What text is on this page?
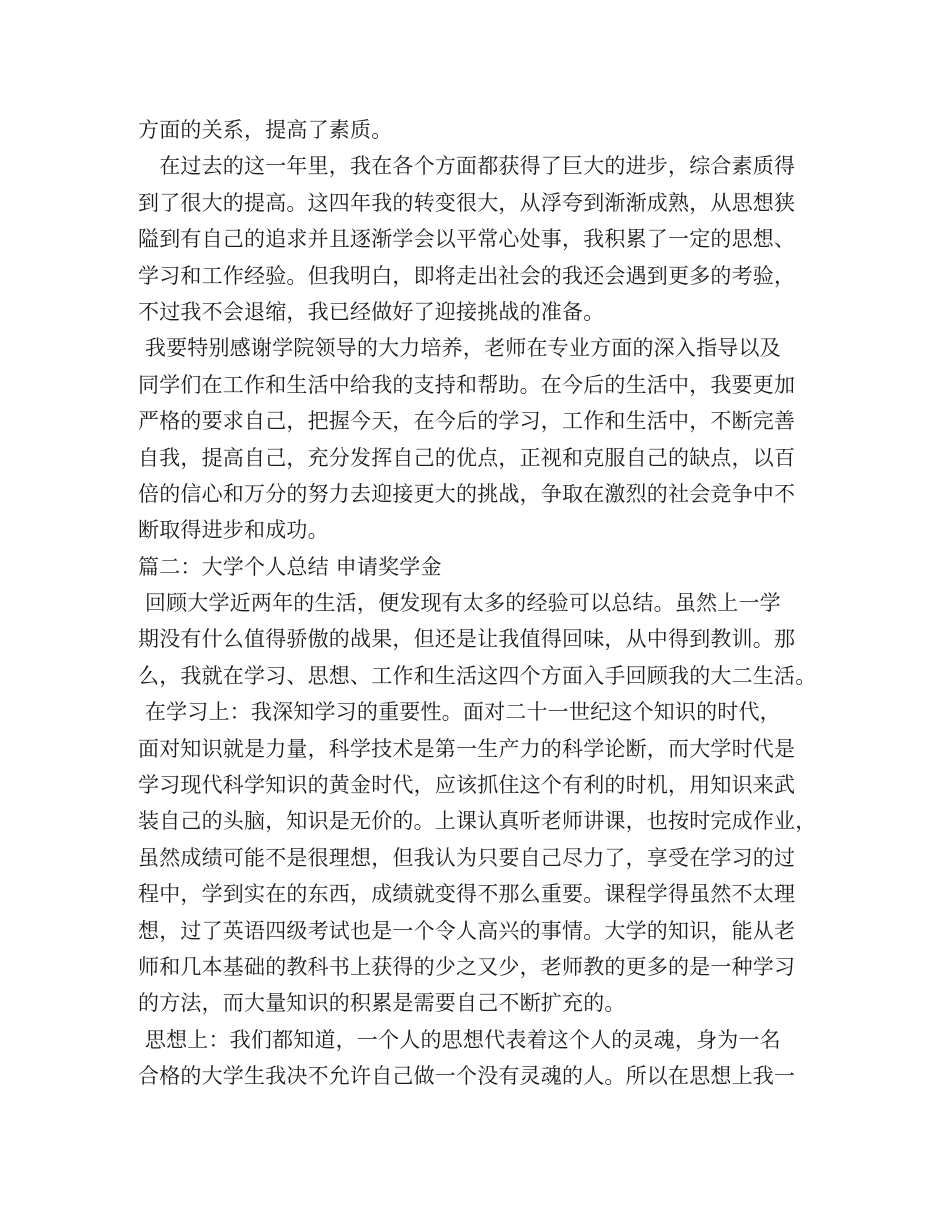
方面的关系，提高了素质。
　在过去的这一年里，我在各个方面都获得了巨大的进步，综合素质得
到了很大的提高。这四年我的转变很大，从浮夸到渐渐成熟，从思想狭
隘到有自己的追求并且逐渐学会以平常心处事，我积累了一定的思想、
学习和工作经验。但我明白，即将走出社会的我还会遇到更多的考验，
不过我不会退缩，我已经做好了迎接挑战的准备。
我要特别感谢学院领导的大力培养，老师在专业方面的深入指导以及
同学们在工作和生活中给我的支持和帮助。在今后的生活中，我要更加
严格的要求自己，把握今天，在今后的学习，工作和生活中，不断完善
自我，提高自己，充分发挥自己的优点，正视和克服自己的缺点，以百
倍的信心和万分的努力去迎接更大的挑战，争取在激烈的社会竞争中不
断取得进步和成功。
篇二：大学个人总结 申请奖学金
回顾大学近两年的生活，便发现有太多的经验可以总结。虽然上一学
期没有什么值得骄傲的战果，但还是让我值得回味，从中得到教训。那
么，我就在学习、思想、工作和生活这四个方面入手回顾我的大二生活。
在学习上：我深知学习的重要性。面对二十一世纪这个知识的时代，
面对知识就是力量，科学技术是第一生产力的科学论断，而大学时代是
学习现代科学知识的黄金时代，应该抓住这个有利的时机，用知识来武
装自己的头脑，知识是无价的。上课认真听老师讲课，也按时完成作业，
虽然成绩可能不是很理想，但我认为只要自己尽力了，享受在学习的过
程中，学到实在的东西，成绩就变得不那么重要。课程学得虽然不太理
想，过了英语四级考试也是一个令人高兴的事情。大学的知识，能从老
师和几本基础的教科书上获得的少之又少，老师教的更多的是一种学习
的方法，而大量知识的积累是需要自己不断扩充的。
思想上：我们都知道，一个人的思想代表着这个人的灵魂，身为一名
合格的大学生我决不允许自己做一个没有灵魂的人。所以在思想上我一
